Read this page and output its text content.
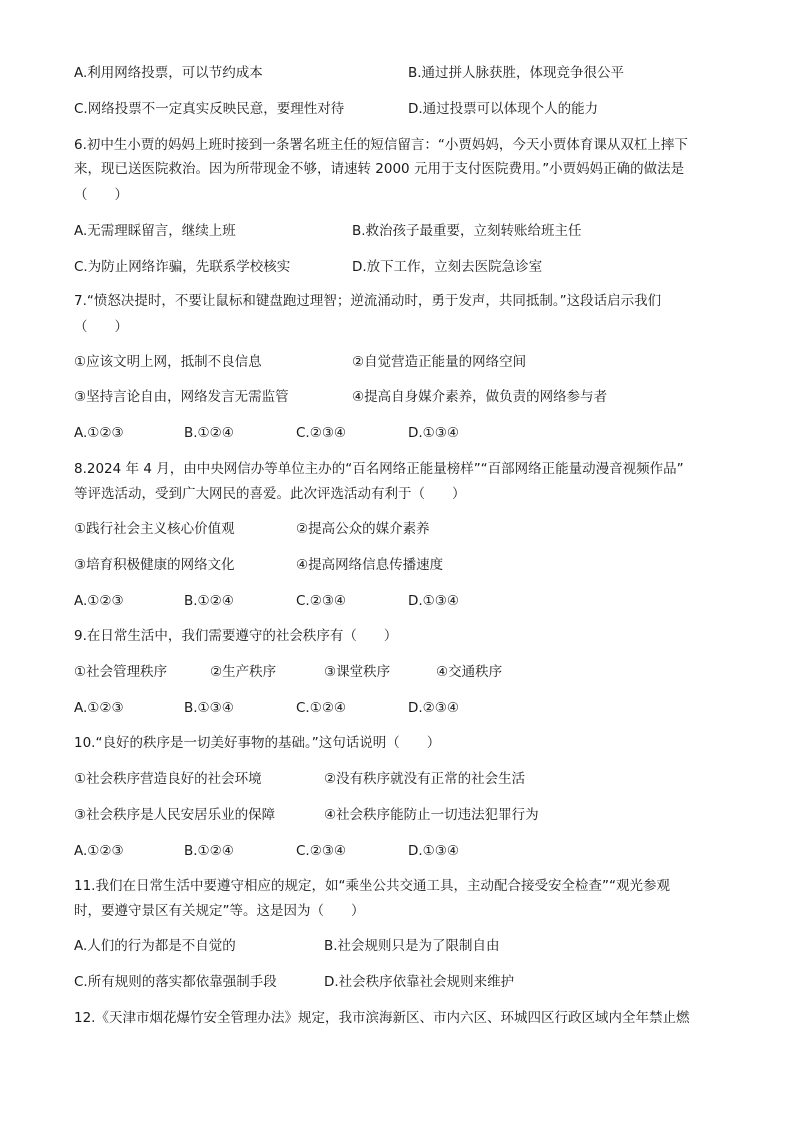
A.利用网络投票，可以节约成本	B.通过拼人脉获胜，体现竞争很公平
C.网络投票不一定真实反映民意，要理性对待	D.通过投票可以体现个人的能力
6.初中生小贾的妈妈上班时接到一条署名班主任的短信留言：“小贾妈妈，今天小贾体育课从双杠上摔下
来，现已送医院救治。因为所带现金不够，请速转 2000 元用于支付医院费用。”小贾妈妈正确的做法是
（　　）
A.无需理睬留言，继续上班	B.救治孩子最重要，立刻转账给班主任
C.为防止网络诈骗，先联系学校核实	D.放下工作，立刻去医院急诊室
7.“愤怒决提时，不要让鼠标和键盘跑过理智；逆流涌动时，勇于发声，共同抵制。”这段话启示我们
（　　）
①应该文明上网，抵制不良信息	②自觉营造正能量的网络空间
③坚持言论自由，网络发言无需监管	④提高自身媒介素养，做负责的网络参与者
A.①②③	B.①②④	C.②③④	D.①③④
8.2024 年 4 月，由中央网信办等单位主办的“百名网络正能量榜样”“百部网络正能量动漫音视频作品”
等评选活动，受到广大网民的喜爱。此次评选活动有利于（　　）
①践行社会主义核心价值观	②提高公众的媒介素养
③培育积极健康的网络文化	④提高网络信息传播速度
A.①②③	B.①②④	C.②③④	D.①③④
9.在日常生活中，我们需要遵守的社会秩序有（　　）
①社会管理秩序	②生产秩序	③课堂秩序	④交通秩序
A.①②③	B.①③④	C.①②④	D.②③④
10.“良好的秩序是一切美好事物的基础。”这句话说明（　　）
①社会秩序营造良好的社会环境	②没有秩序就没有正常的社会生活
③社会秩序是人民安居乐业的保障	④社会秩序能防止一切违法犯罪行为
A.①②③	B.①②④	C.②③④	D.①③④
11.我们在日常生活中要遵守相应的规定，如“乘坐公共交通工具，主动配合接受安全检查”“观光参观
时，要遵守景区有关规定”等。这是因为（　　）
A.人们的行为都是不自觉的	B.社会规则只是为了限制自由
C.所有规则的落实都依靠强制手段	D.社会秩序依靠社会规则来维护
12.《天津市烟花爆竹安全管理办法》规定，我市滨海新区、市内六区、环城四区行政区域内全年禁止燃
